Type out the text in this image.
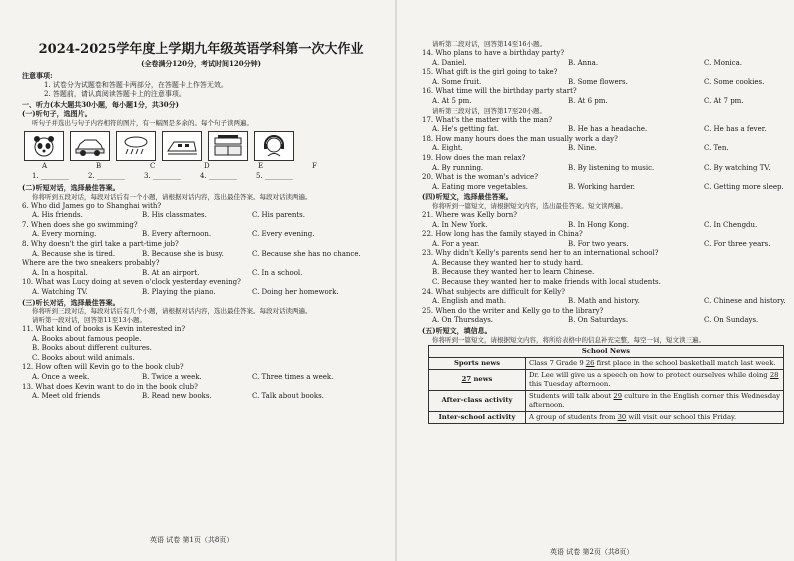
2024-2025学年度上学期九年级英语学科第一次大作业
(全卷满分120分，考试时间120分钟)
注意事项:
1. 试卷分为试题卷和答题卡两部分，在答题卡上作答无效。
2. 答题前，请认真阅读答题卡上的注意事项。
一、听力(本大题共30小题，每小题1分，共30分)
(一)听句子，选图片。
听句子并选出与句子内容相符的图片，有一幅图是多余的。每个句子读两遍。
A	B	C	D	E	F
1. ________	2. ________	3. ________	4. ________	5. ________
(二)听短对话，选择最佳答案。
你将听到五段对话，每段对话后有一个小题，请根据对话内容，选出最佳答案。每段对话读两遍。
6. Who did James go to Shanghai with?
A. His friends.	B. His classmates.	C. His parents.
7. When does she go swimming?
A. Every morning.	B. Every afternoon.	C. Every evening.
8. Why doesn't the girl take a part-time job?
A. Because she is tired.	B. Because she is busy.	C. Because she has no chance.
Where are the two sneakers probably?
A. In a hospital.	B. At an airport.	C. In a school.
10. What was Lucy doing at seven o'clock yesterday evening?
A. Watching TV.	B. Playing the piano.	C. Doing her homework.
(三)听长对话，选择最佳答案。
你将听到三段对话，每段对话后有几个小题，请根据对话内容，选出最佳答案。每段对话读两遍。
请听第一段对话，回答第11至13小题。
11. What kind of books is Kevin interested in?
A. Books about famous people.
B. Books about different cultures.
C. Books about wild animals.
12. How often will Kevin go to the book club?
A. Once a week.	B. Twice a week.	C. Three times a week.
13. What does Kevin want to do in the book club?
A. Meet old friends	B. Read new books.	C. Talk about books.
英语 试卷 第1页（共8页）
请听第二段对话，回答第14至16小题。
14. Who plans to have a birthday party?
A. Daniel.	B. Anna.	C. Monica.
15. What gift is the girl going to take?
A. Some fruit.	B. Some flowers.	C. Some cookies.
16. What time will the birthday party start?
A. At 5 pm.	B. At 6 pm.	C. At 7 pm.
请听第三段对话，回答第17至20小题。
17. What's the matter with the man?
A. He's getting fat.	B. He has a headache.	C. He has a fever.
18. How many hours does the man usually work a day?
A. Eight.	B. Nine.	C. Ten.
19. How does the man relax?
A. By running.	B. By listening to music.	C. By watching TV.
20. What is the woman's advice?
A. Eating more vegetables.	B. Working harder.	C. Getting more sleep.
(四)听短文，选择最佳答案。
你将听到一篇短文，请根据短文内容，选出最佳答案。短文读两遍。
21. Where was Kelly born?
A. In New York.	B. In Hong Kong.	C. In Chengdu.
22. How long has the family stayed in China?
A. For a year.	B. For two years.	C. For three years.
23. Why didn't Kelly's parents send her to an international school?
A. Because they wanted her to study hard.
B. Because they wanted her to learn Chinese.
C. Because they wanted her to make friends with local students.
24. What subjects are difficult for Kelly?
A. English and math.	B. Math and history.	C. Chinese and history.
25. When do the writer and Kelly go to the library?
A. On Thursdays.	B. On Saturdays.	C. On Sundays.
(五)听短文，填信息。
你将听到一篇短文，请根据短文内容，将所给表格中的信息补充完整，每空一词，短文读三遍。
School News	
Sports news	Class 7 Grade 9 26 first place in the school basketball match last week.
27 news	Dr. Lee will give us a speech on how to protect ourselves while doing 28 this Tuesday afternoon.
After-class activity	Students will talk about 29 culture in the English corner this Wednesday afternoon.
Inter-school activity	A group of students from 30 will visit our school this Friday.
英语 试卷 第2页（共8页）
